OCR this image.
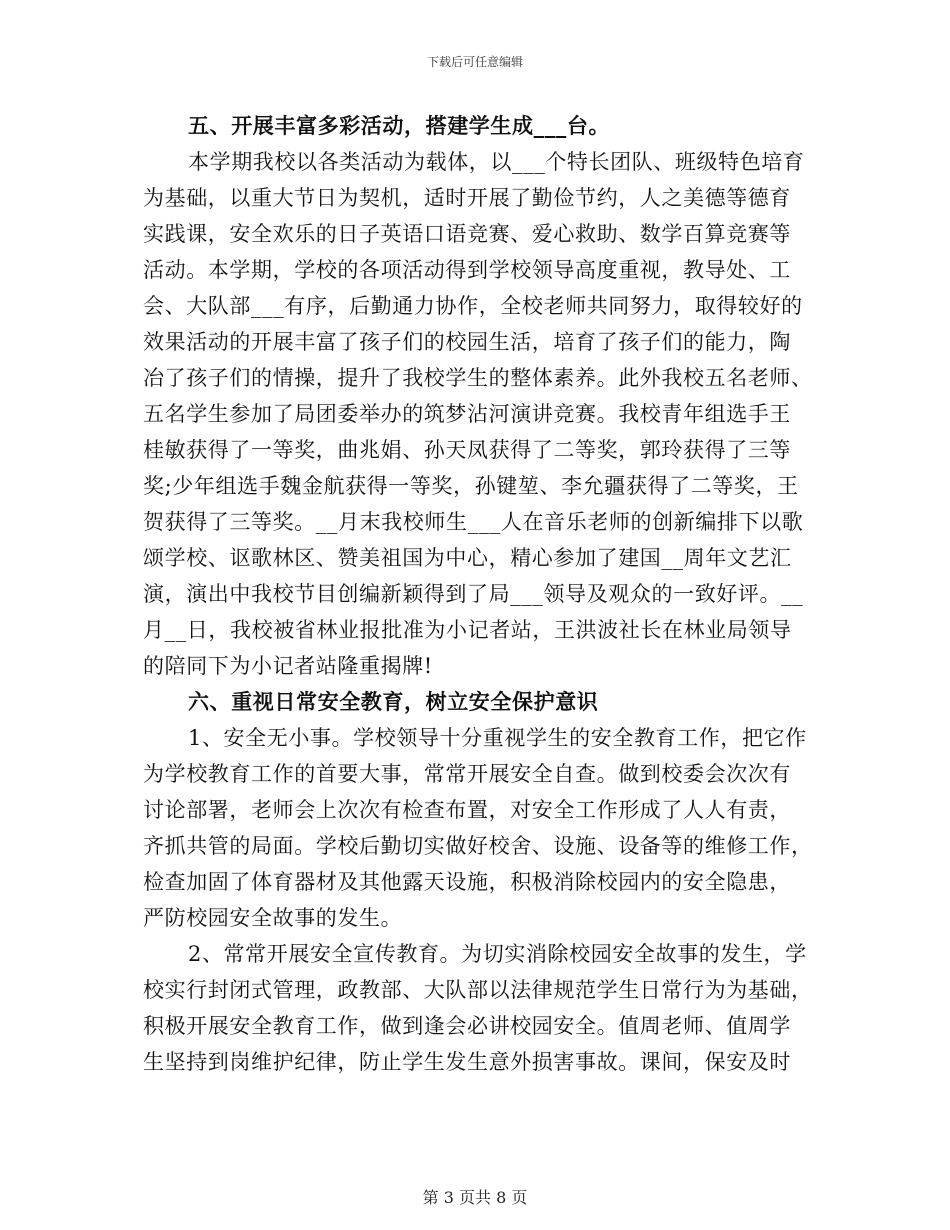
下载后可任意编辑
五、开展丰富多彩活动，搭建学生成___台。
本学期我校以各类活动为载体，以___个特长团队、班级特色培育
为基础，以重大节日为契机，适时开展了勤俭节约，人之美德等德育
实践课，安全欢乐的日子英语口语竞赛、爱心救助、数学百算竞赛等
活动。本学期，学校的各项活动得到学校领导高度重视，教导处、工
会、大队部___有序，后勤通力协作，全校老师共同努力，取得较好的
效果活动的开展丰富了孩子们的校园生活，培育了孩子们的能力，陶
冶了孩子们的情操，提升了我校学生的整体素养。此外我校五名老师、
五名学生参加了局团委举办的筑梦沾河演讲竞赛。我校青年组选手王
桂敏获得了一等奖，曲兆娟、孙天凤获得了二等奖，郭玲获得了三等
奖;少年组选手魏金航获得一等奖，孙键堃、李允疆获得了二等奖，王
贺获得了三等奖。__月末我校师生___人在音乐老师的创新编排下以歌
颂学校、讴歌林区、赞美祖国为中心，精心参加了建国__周年文艺汇
演，演出中我校节目创编新颖得到了局___领导及观众的一致好评。__
月__日，我校被省林业报批准为小记者站，王洪波社长在林业局领导
的陪同下为小记者站隆重揭牌!
六、重视日常安全教育，树立安全保护意识
1、安全无小事。学校领导十分重视学生的安全教育工作，把它作
为学校教育工作的首要大事，常常开展安全自查。做到校委会次次有
讨论部署，老师会上次次有检查布置，对安全工作形成了人人有责，
齐抓共管的局面。学校后勤切实做好校舍、设施、设备等的维修工作，
检查加固了体育器材及其他露天设施，积极消除校园内的安全隐患，
严防校园安全故事的发生。
2、常常开展安全宣传教育。为切实消除校园安全故事的发生，学
校实行封闭式管理，政教部、大队部以法律规范学生日常行为为基础，
积极开展安全教育工作，做到逢会必讲校园安全。值周老师、值周学
生坚持到岗维护纪律，防止学生发生意外损害事故。课间，保安及时
第 3 页共 8 页
